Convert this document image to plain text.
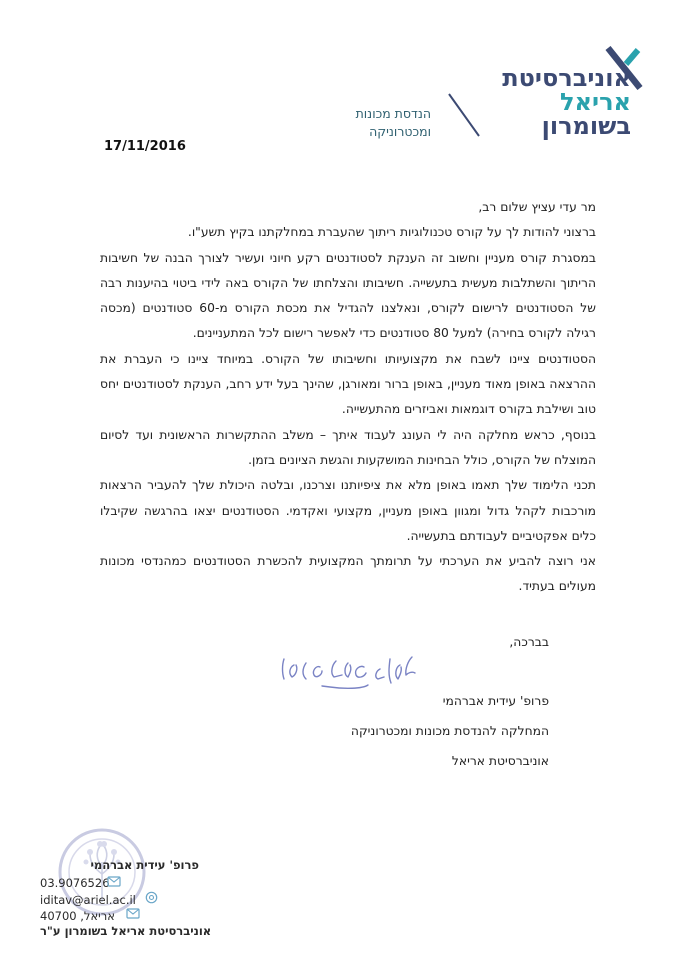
אוניברסיטת
אריאל
בשומרון
הנדסת מכונות
ומכטרוניקה
17/11/2016

מר עדי עציץ שלום רב,

ברצוני להודות לך על קורס טכנולוגיות ריתוך שהעברת במחלקתנו בקיץ תשע"ו.

במסגרת קורס מעניין וחשוב זה הענקת לסטודנטים רקע חיוני ועשיר לצורך הבנה של חשיבות הריתוך והשתלבות מעשית בתעשייה. חשיבותו והצלחתו של הקורס באה לידי ביטוי בהיענות רבה של הסטודנטים לרישום לקורס, ונאלצנו להגדיל את מכסת הקורס מ-60 סטודנטים (מכסה רגילה לקורס בחירה) למעל 80 סטודנטים כדי לאפשר רישום לכל המתעניינים.

הסטודנטים ציינו לשבח את מקצועיותו וחשיבותו של הקורס. במיוחד ציינו כי העברת את ההרצאה באופן מאוד מעניין, באופן ברור ומאורגן, שהינך בעל ידע רחב, הענקת לסטודנטים יחס טוב ושילבת בקורס דוגמאות ואביזרים מהתעשייה.

בנוסף, כראש מחלקה היה לי העונג לעבוד איתך – משלב ההתקשרות הראשונית ועד לסיום המוצלח של הקורס, כולל הבחינות המושקעות והגשת הציונים בזמן.

תכני הלימוד שלך תאמו באופן מלא את ציפיותנו וצרכנו, ובלטה היכולת שלך להעביר הרצאות מורכבות לקהל גדול ומגוון באופן מעניין, מקצועי ואקדמי. הסטודנטים יצאו בהרגשה שקיבלו כלים אפקטיביים לעבודתם בתעשייה.

אני רוצה להביע את הערכתי על תרומתך המקצועית להכשרת הסטודנטים כמהנדסי מכונות מעולים בעתיד.

בברכה,
פרופ' עידית אברהמי
המחלקה להנדסת מכונות ומכטרוניקה
אוניברסיטת אריאל
פרופ' עידית אברהמי
03.9076526
iditav@ariel.ac.il
אריאל, 40700
אוניברסיטת אריאל בשומרון ע"ר
